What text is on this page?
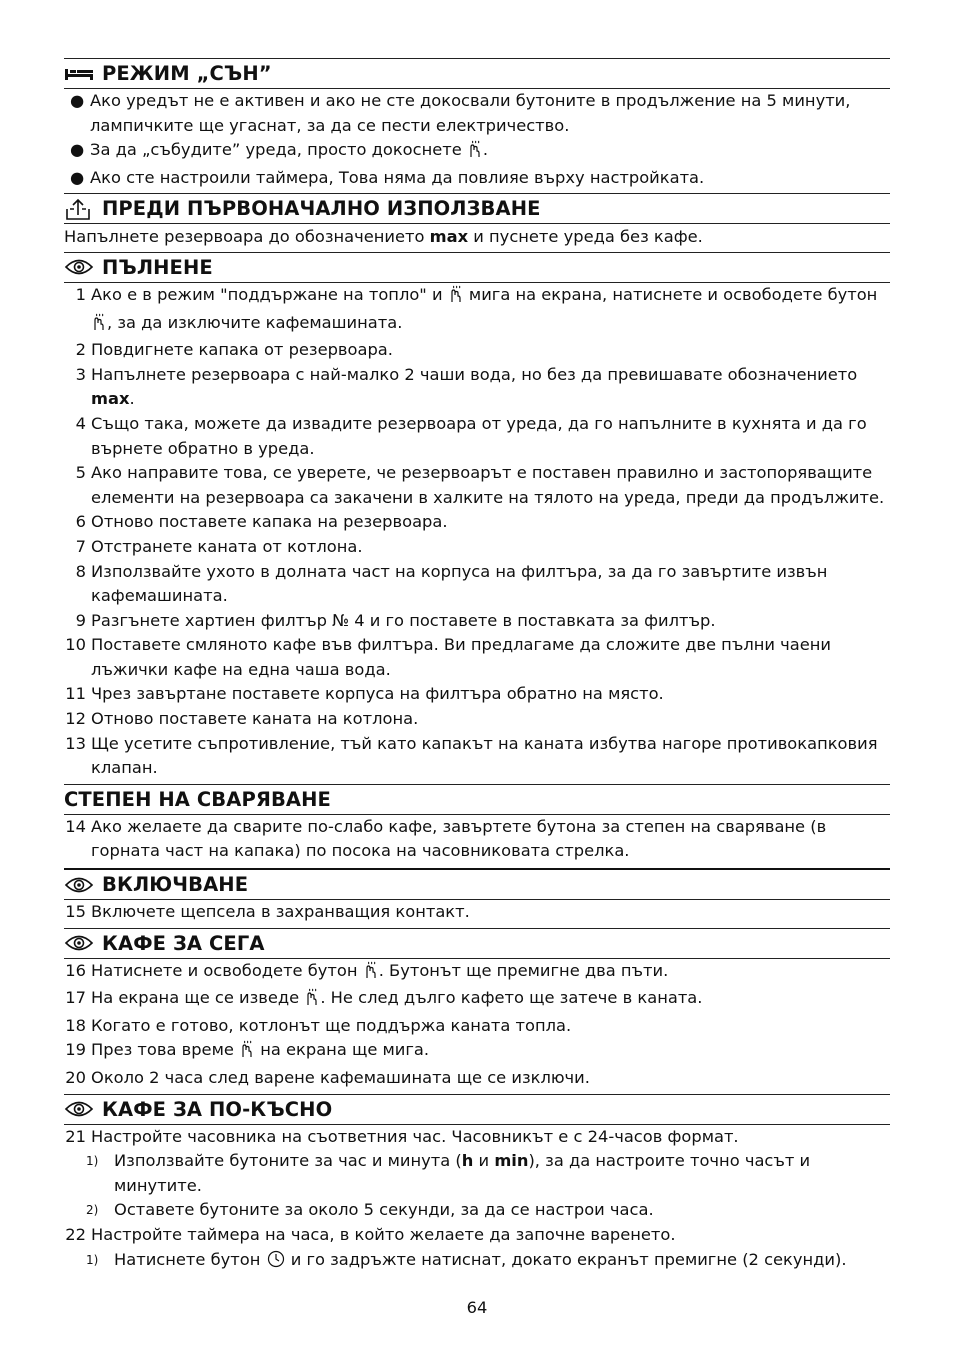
РЕЖИМ „СЪН”
● Ако уредът не е активен и ако не сте докосвали бутоните в продължение на 5 минути, лампичките ще угаснат, за да се пести електричество.
● За да „събудите” уреда, просто докоснете .
● Ако сте настроили таймера, Това няма да повлияе върху настройката.
ПРЕДИ ПЪРВОНАЧАЛНО ИЗПОЛЗВАНЕ
Напълнете резервоара до обозначението max и пуснете уреда без кафе.
ПЪЛНЕНЕ
1 Ако е в режим "поддържане на топло" и  мига на екрана, натиснете и освободете бутон , за да изключите кафемашината.
2 Повдигнете капака от резервоара.
3 Напълнете резервоара с най-малко 2 чаши вода, но без да превишавате обозначението max.
4 Също така, можете да извадите резервоара от уреда, да го напълните в кухнята и да го върнете обратно в уреда.
5 Ако направите това, се уверете, че резервоарът е поставен правилно и застопоряващите елементи на резервоара са закачени в халките на тялото на уреда, преди да продължите.
6 Отново поставете капака на резервоара.
7 Отстранете каната от котлона.
8 Използвайте ухото в долната част на корпуса на филтъра, за да го завъртите извън кафемашината.
9 Разгънете хартиен филтър № 4 и го поставете в поставката за филтър.
10 Поставете смляното кафе във филтъра. Ви предлагаме да сложите две пълни чаени лъжички кафе на една чаша вода.
11 Чрез завъртане поставете корпуса на филтъра обратно на място.
12 Отново поставете каната на котлона.
13 Ще усетите съпротивление, тъй като капакът на каната избутва нагоре противокапковия клапан.
СТЕПЕН НА СВАРЯВАНЕ
14 Ако желаете да сварите по-слабо кафе, завъртете бутона за степен на сваряване (в горната част на капака) по посока на часовниковата стрелка.
ВКЛЮЧВАНЕ
15 Включете щепсела в захранващия контакт.
КАФЕ ЗА СЕГА
16 Натиснете и освободете бутон . Бутонът ще премигне два пъти.
17 На екрана ще се изведе . Не след дълго кафето ще затече в каната.
18 Когато е готово, котлонът ще поддържа каната топла.
19 През това време  на екрана ще мига.
20 Около 2 часа след варене кафемашината ще се изключи.
КАФЕ ЗА ПО-КЪСНО
21 Настройте часовника на съответния час. Часовникът е с 24-часов формат.
1) Използвайте бутоните за час и минута (h и min), за да настроите точно часът и минутите.
2) Оставете бутоните за около 5 секунди, за да се настрои часа.
22 Настройте таймера на часа, в който желаете да започне варенето.
1) Натиснете бутон  и го задръжте натиснат, докато екранът премигне (2 секунди).
64
